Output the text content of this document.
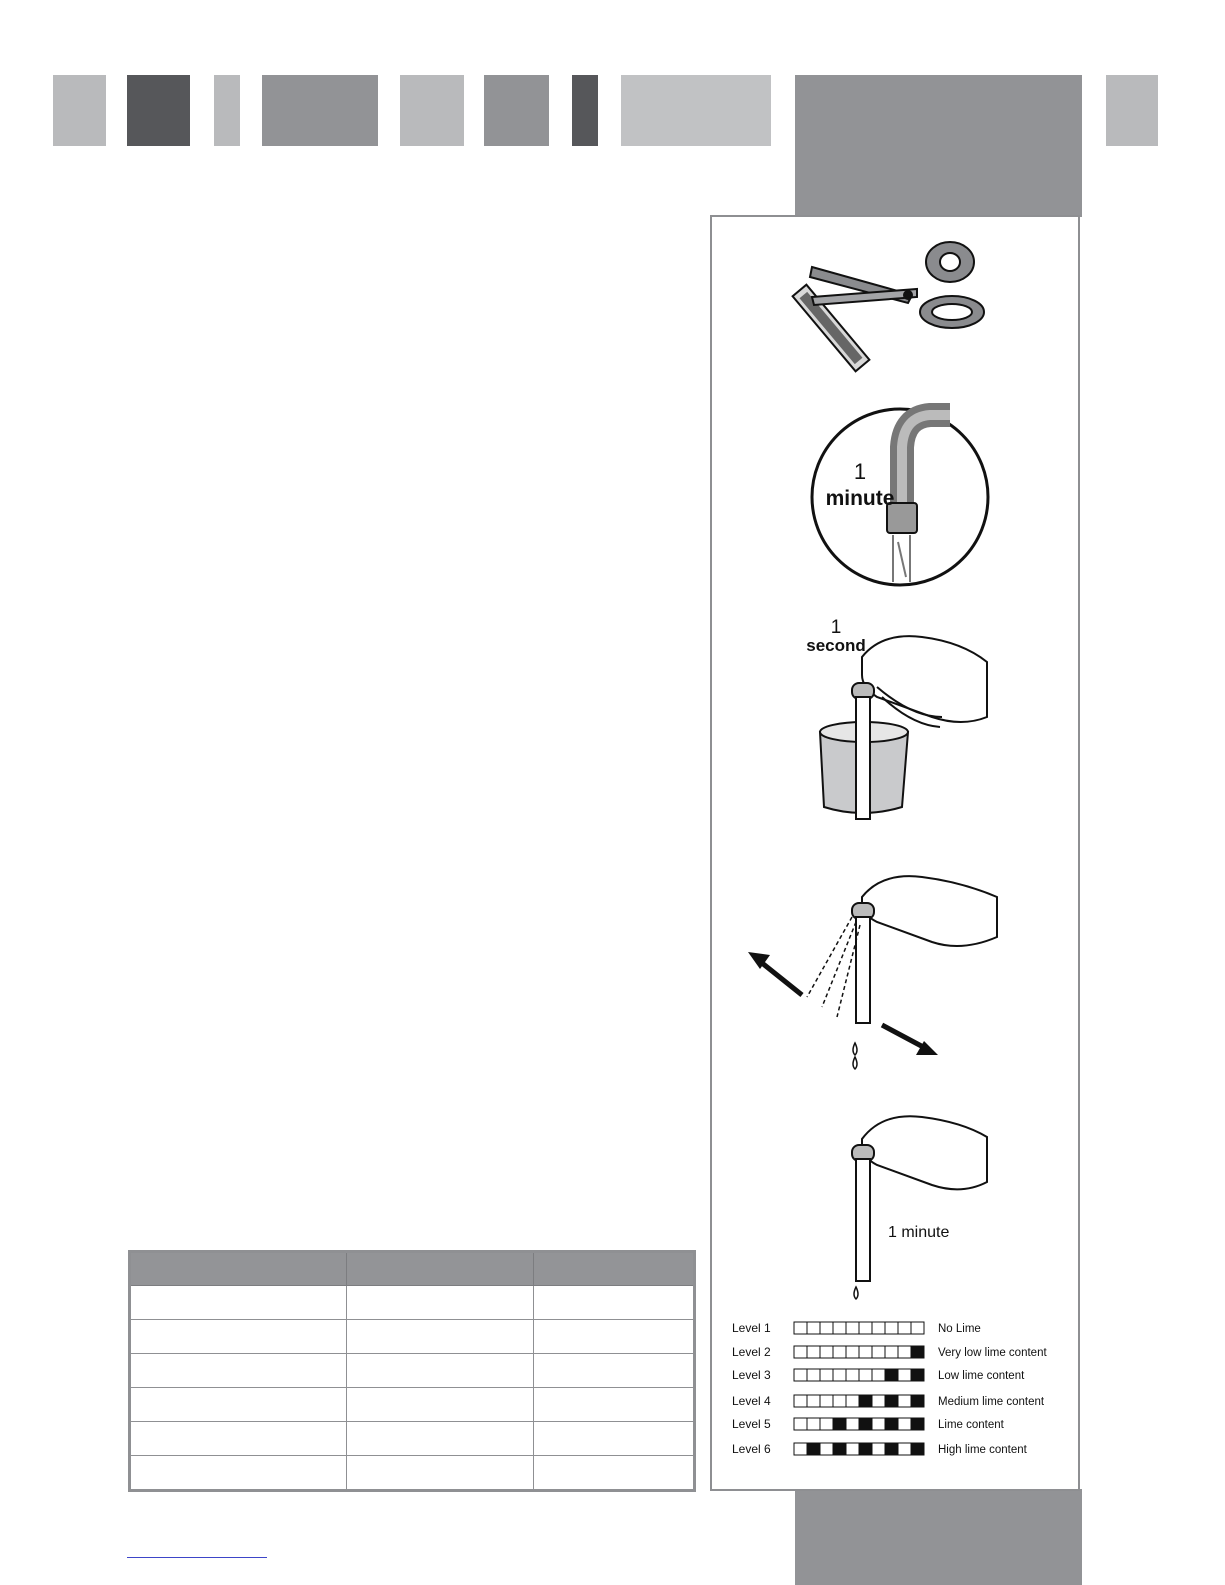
1
minute
1
second
1 minute
Level 1	No Lime
Level 2	Very low lime content
Level 3	Low lime content
Level 4	Medium lime content
Level 5	Lime content
Level 6	High lime content
